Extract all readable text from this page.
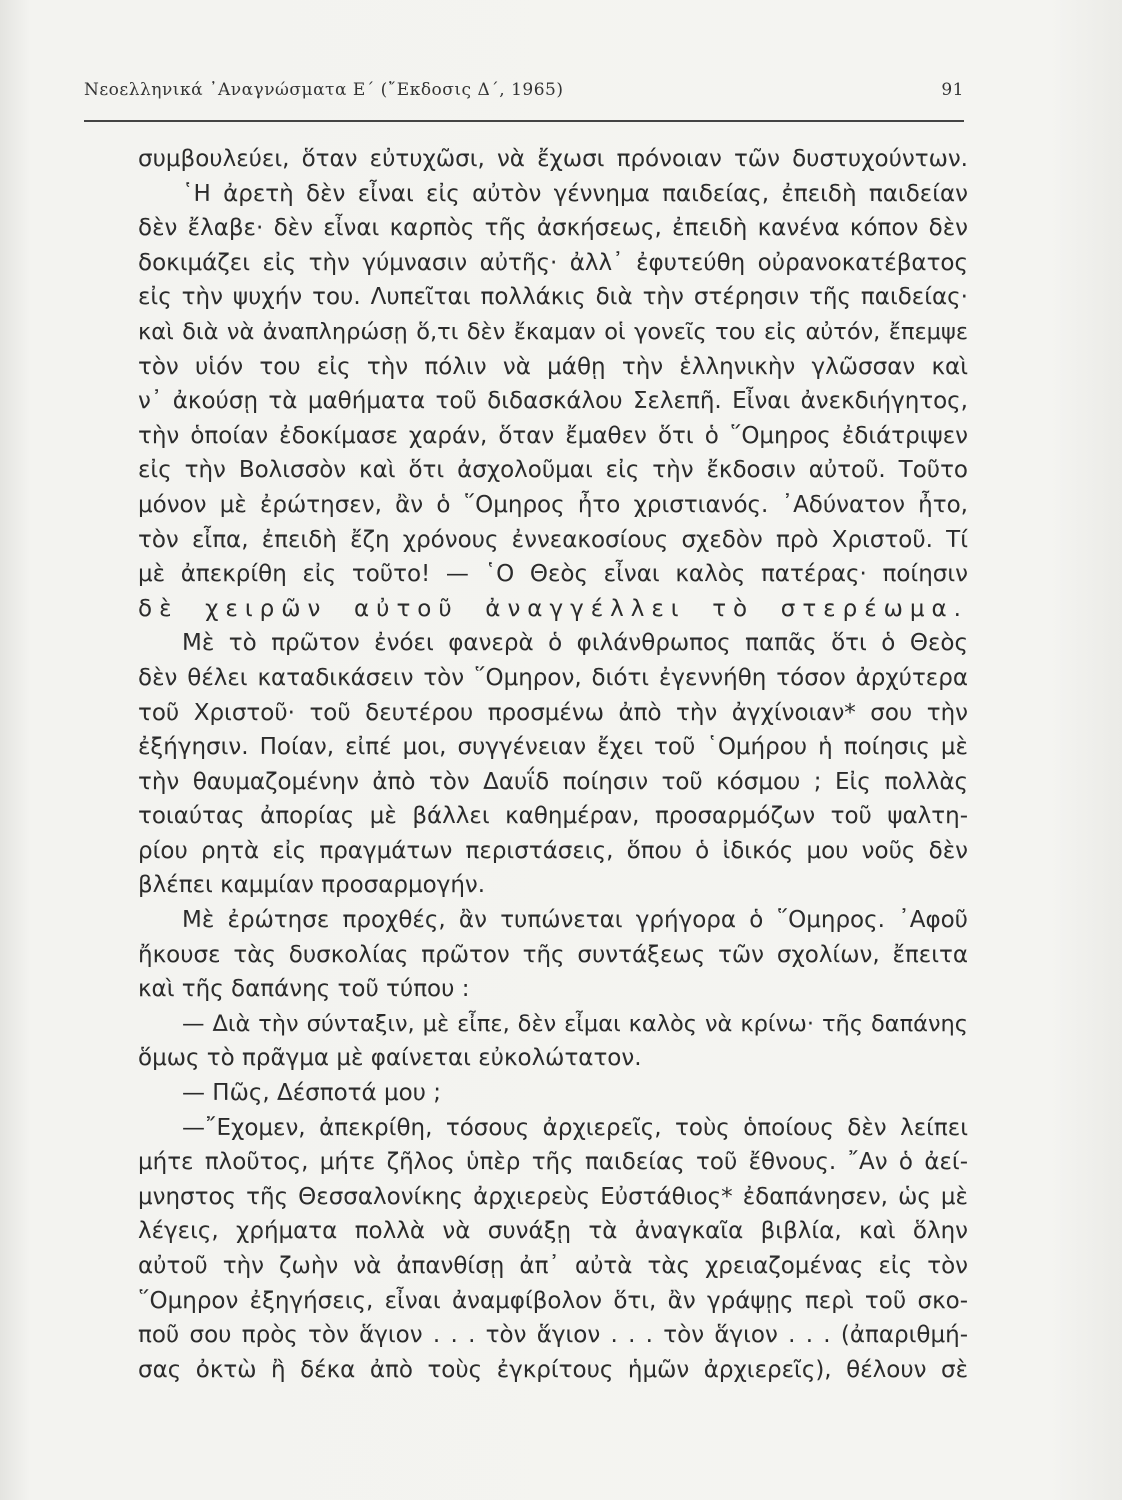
Νεοελληνικά ᾿Αναγνώσματα Ε΄ (῎Εκδοσις Δ΄, 1965)	91
συμβουλεύει, ὅταν εὐτυχῶσι, νὰ ἔχωσι πρόνοιαν τῶν δυστυχούντων.
῾Η ἀρετὴ δὲν εἶναι εἰς αὐτὸν γέννημα παιδείας, ἐπειδὴ παιδείαν
δὲν ἔλαβε· δὲν εἶναι καρπὸς τῆς ἀσκήσεως, ἐπειδὴ κανένα κόπον δὲν
δοκιμάζει εἰς τὴν γύμνασιν αὐτῆς· ἀλλ᾿ ἐφυτεύθη οὐρανοκατέβατος
εἰς τὴν ψυχήν του. Λυπεῖται πολλάκις διὰ τὴν στέρησιν τῆς παιδείας·
καὶ διὰ νὰ ἀναπληρώσῃ ὅ,τι δὲν ἔκαμαν οἱ γονεῖς του εἰς αὐτόν, ἔπεμψε
τὸν υἱόν του εἰς τὴν πόλιν νὰ μάθῃ τὴν ἑλληνικὴν γλῶσσαν καὶ
ν᾿ ἀκούσῃ τὰ μαθήματα τοῦ διδασκάλου Σελεπῆ. Εἶναι ἀνεκδιήγητος,
τὴν ὁποίαν ἐδοκίμασε χαράν, ὅταν ἔμαθεν ὅτι ὁ ῞Ομηρος ἐδιάτριψεν
εἰς τὴν Βολισσὸν καὶ ὅτι ἀσχολοῦμαι εἰς τὴν ἔκδοσιν αὐτοῦ. Τοῦτο
μόνον μὲ ἐρώτησεν, ἂν ὁ ῞Ομηρος ἦτο χριστιανός. ᾿Αδύνατον ἦτο,
τὸν εἶπα, ἐπειδὴ ἔζη χρόνους ἐννεακοσίους σχεδὸν πρὸ Χριστοῦ. Τί
μὲ ἀπεκρίθη εἰς τοῦτο! — ῾Ο Θεὸς εἶναι καλὸς πατέρας· ποίησιν
δὲ χειρῶν αὐτοῦ ἀναγγέλλει τὸ στερέωμα.
Μὲ τὸ πρῶτον ἐνόει φανερὰ ὁ φιλάνθρωπος παπᾶς ὅτι ὁ Θεὸς
δὲν θέλει καταδικάσειν τὸν ῞Ομηρον, διότι ἐγεννήθη τόσον ἀρχύτερα
τοῦ Χριστοῦ· τοῦ δευτέρου προσμένω ἀπὸ τὴν ἀγχίνοιαν* σου τὴν
ἐξήγησιν. Ποίαν, εἰπέ μοι, συγγένειαν ἔχει τοῦ ῾Ομήρου ἡ ποίησις μὲ
τὴν θαυμαζομένην ἀπὸ τὸν Δαυΐδ ποίησιν τοῦ κόσμου ; Εἰς πολλὰς
τοιαύτας ἀπορίας μὲ βάλλει καθημέραν, προσαρμόζων τοῦ ψαλτη-
ρίου ρητὰ εἰς πραγμάτων περιστάσεις, ὅπου ὁ ἰδικός μου νοῦς δὲν
βλέπει καμμίαν προσαρμογήν.
Μὲ ἐρώτησε προχθές, ἂν τυπώνεται γρήγορα ὁ ῞Ομηρος. ᾿Αφοῦ
ἤκουσε τὰς δυσκολίας πρῶτον τῆς συντάξεως τῶν σχολίων, ἔπειτα
καὶ τῆς δαπάνης τοῦ τύπου :
— Διὰ τὴν σύνταξιν, μὲ εἶπε, δὲν εἶμαι καλὸς νὰ κρίνω· τῆς δαπάνης
ὅμως τὸ πρᾶγμα μὲ φαίνεται εὐκολώτατον.
— Πῶς, Δέσποτά μου ;
—῎Εχομεν, ἀπεκρίθη, τόσους ἀρχιερεῖς, τοὺς ὁποίους δὲν λείπει
μήτε πλοῦτος, μήτε ζῆλος ὑπὲρ τῆς παιδείας τοῦ ἔθνους. ῎Αν ὁ ἀεί-
μνηστος τῆς Θεσσαλονίκης ἀρχιερεὺς Εὐστάθιος* ἐδαπάνησεν, ὡς μὲ
λέγεις, χρήματα πολλὰ νὰ συνάξῃ τὰ ἀναγκαῖα βιβλία, καὶ ὅλην
αὐτοῦ τὴν ζωὴν νὰ ἀπανθίσῃ ἀπ᾿ αὐτὰ τὰς χρειαζομένας εἰς τὸν
῞Ομηρον ἐξηγήσεις, εἶναι ἀναμφίβολον ὅτι, ἂν γράψῃς περὶ τοῦ σκο-
ποῦ σου πρὸς τὸν ἅγιον . . . τὸν ἅγιον . . . τὸν ἅγιον . . . (ἀπαριθμή-
σας ὀκτὼ ἢ δέκα ἀπὸ τοὺς ἐγκρίτους ἡμῶν ἀρχιερεῖς), θέλουν σὲ
